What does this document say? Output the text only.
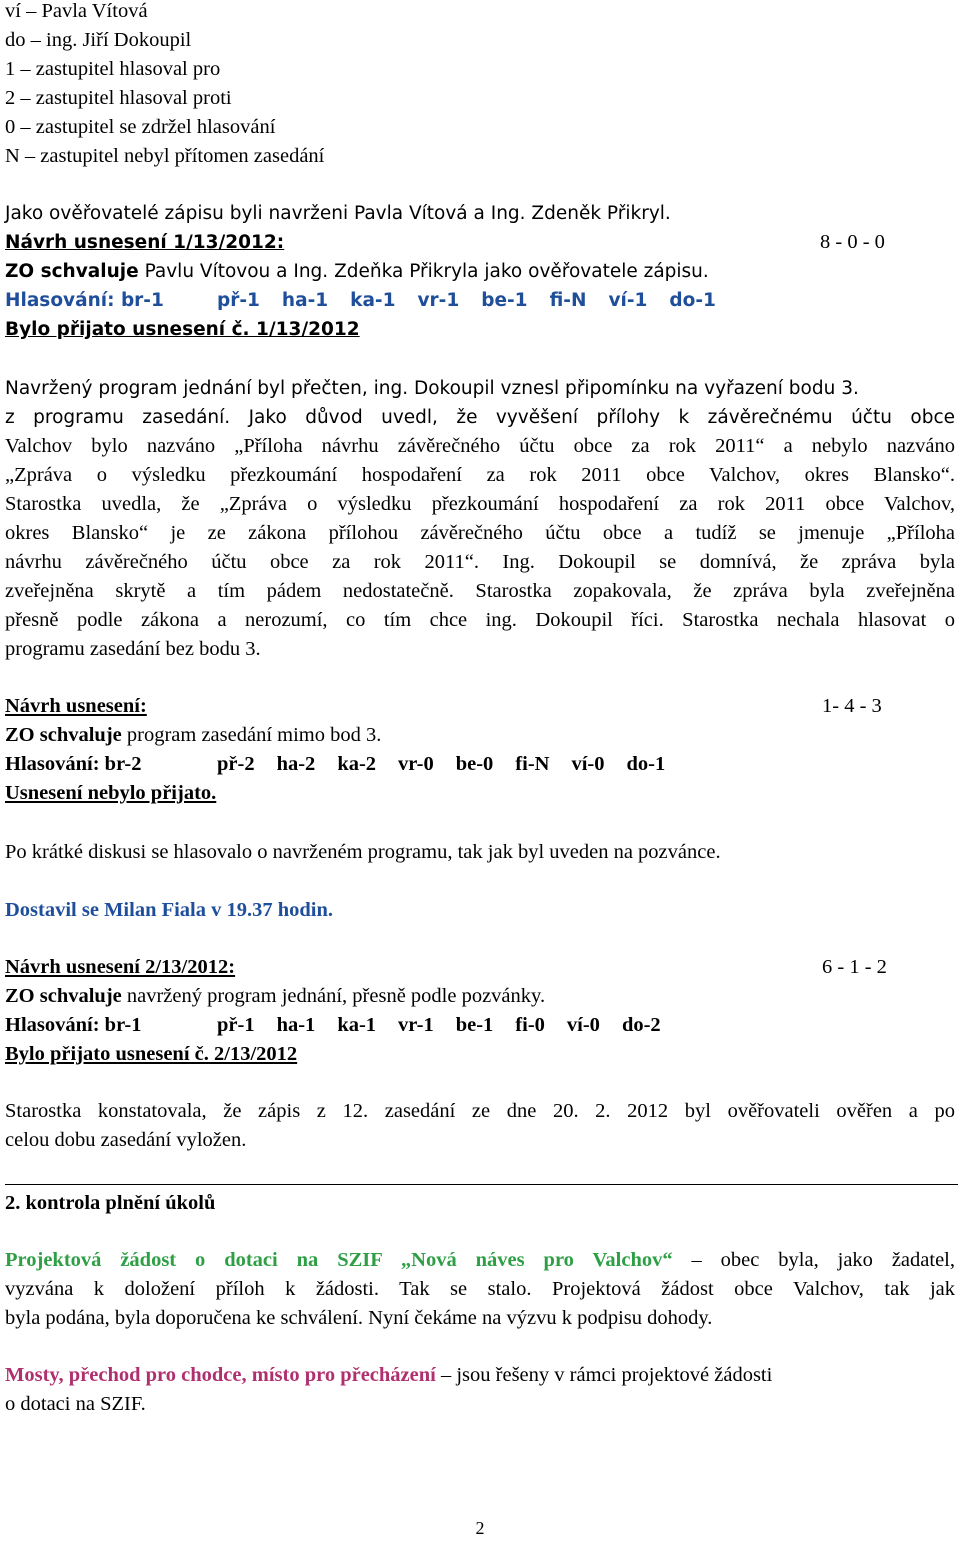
ví – Pavla Vítová
do – ing. Jiří Dokoupil
1 – zastupitel hlasoval pro
2 – zastupitel hlasoval proti
0 – zastupitel se zdržel hlasování
N – zastupitel nebyl přítomen zasedání
Jako ověřovatelé zápisu byli navrženi Pavla Vítová a Ing. Zdeněk Přikryl.
Návrh usnesení 1/13/2012:	8 - 0 - 0
ZO schvaluje Pavlu Vítovou a Ing. Zdeňka Přikryla jako ověřovatele zápisu.
Hlasování: br-1	př-1 ha-1 ka-1 vr-1 be-1 fi-N ví-1 do-1
Bylo přijato usnesení č. 1/13/2012
Navržený program jednání byl přečten, ing. Dokoupil vznesl připomínku na vyřazení bodu 3.
z programu zasedání. Jako důvod uvedl, že vyvěšení přílohy k závěrečnému účtu obce
Valchov bylo nazváno „Příloha návrhu závěrečného účtu obce za rok 2011“ a nebylo nazváno
„Zpráva o výsledku přezkoumání hospodaření za rok 2011 obce Valchov, okres Blansko“.
Starostka uvedla, že „Zpráva o výsledku přezkoumání hospodaření za rok 2011 obce Valchov,
okres Blansko“ je ze zákona přílohou závěrečného účtu obce a tudíž se jmenuje „Příloha
návrhu závěrečného účtu obce za rok 2011“. Ing. Dokoupil se domnívá, že zpráva byla
zveřejněna skrytě a tím pádem nedostatečně. Starostka zopakovala, že zpráva byla zveřejněna
přesně podle zákona a nerozumí, co tím chce ing. Dokoupil říci. Starostka nechala hlasovat o
programu zasedání bez bodu 3.
Návrh usnesení:	1- 4 - 3
ZO schvaluje program zasedání mimo bod 3.
Hlasování: br-2	př-2 ha-2 ka-2 vr-0 be-0 fi-N ví-0 do-1
Usnesení nebylo přijato.
Po krátké diskusi se hlasovalo o navrženém programu, tak jak byl uveden na pozvánce.
Dostavil se Milan Fiala v 19.37 hodin.
Návrh usnesení 2/13/2012:	6 - 1 - 2
ZO schvaluje navržený program jednání, přesně podle pozvánky.
Hlasování: br-1	př-1 ha-1 ka-1 vr-1 be-1 fi-0 ví-0 do-2
Bylo přijato usnesení č. 2/13/2012
Starostka konstatovala, že zápis z 12. zasedání ze dne 20. 2. 2012 byl ověřovateli ověřen a po
celou dobu zasedání vyložen.
2. kontrola plnění úkolů
Projektová žádost o dotaci na SZIF „Nová náves pro Valchov“ – obec byla, jako žadatel,
vyzvána k doložení příloh k žádosti. Tak se stalo. Projektová žádost obce Valchov, tak jak
byla podána, byla doporučena ke schválení. Nyní čekáme na výzvu k podpisu dohody.
Mosty, přechod pro chodce, místo pro přecházení – jsou řešeny v rámci projektové žádosti
o dotaci na SZIF.
2
